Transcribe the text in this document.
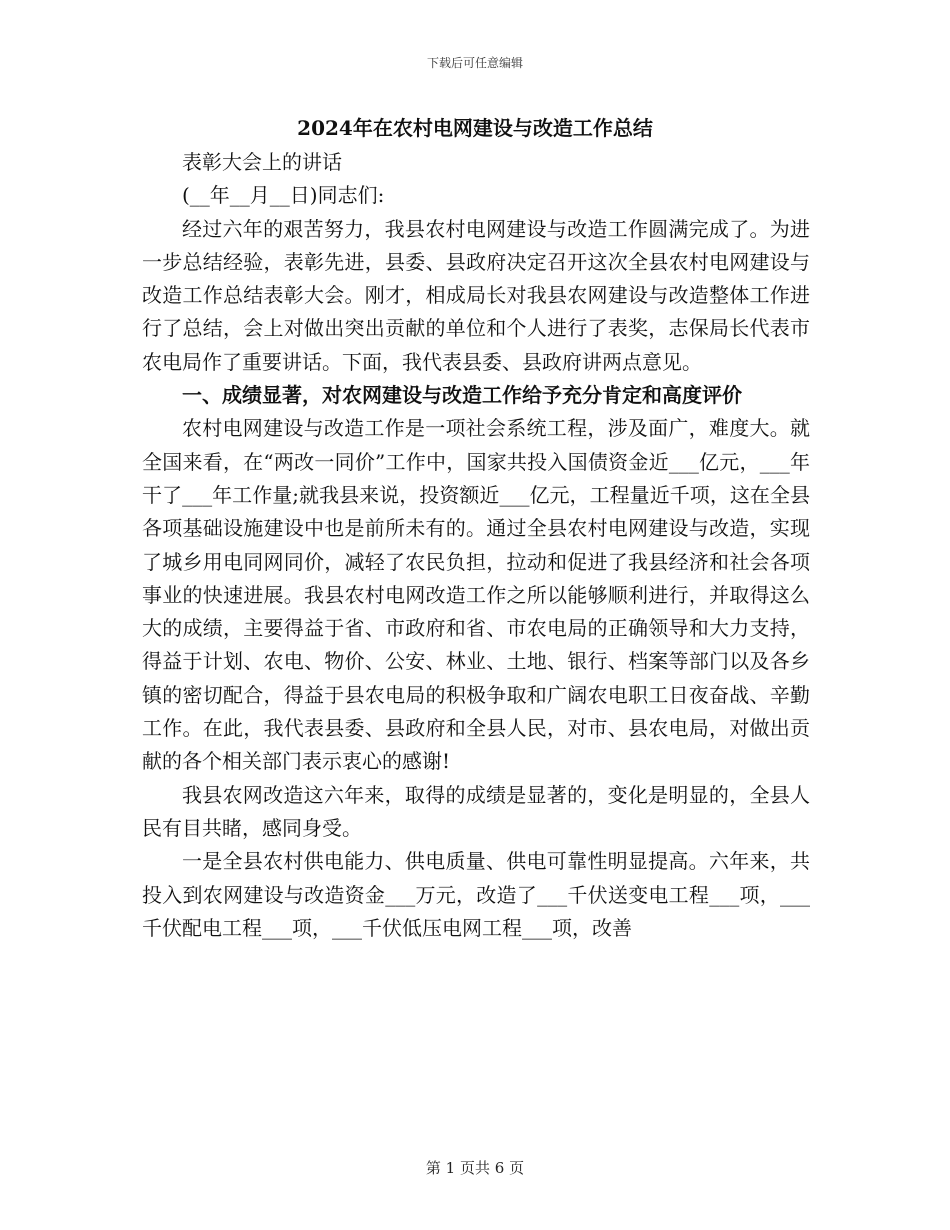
下载后可任意编辑
2024年在农村电网建设与改造工作总结

表彰大会上的讲话

(__年__月__日)同志们:

经过六年的艰苦努力，我县农村电网建设与改造工作圆满完成了。为进一步总结经验，表彰先进，县委、县政府决定召开这次全县农村电网建设与改造工作总结表彰大会。刚才，相成局长对我县农网建设与改造整体工作进行了总结，会上对做出突出贡献的单位和个人进行了表奖，志保局长代表市农电局作了重要讲话。下面，我代表县委、县政府讲两点意见。

一、成绩显著，对农网建设与改造工作给予充分肯定和高度评价

农村电网建设与改造工作是一项社会系统工程，涉及面广，难度大。就全国来看，在“两改一同价”工作中，国家共投入国债资金近___亿元，___年干了___年工作量;就我县来说，投资额近___亿元，工程量近千项，这在全县各项基础设施建设中也是前所未有的。通过全县农村电网建设与改造，实现了城乡用电同网同价，减轻了农民负担，拉动和促进了我县经济和社会各项事业的快速进展。我县农村电网改造工作之所以能够顺利进行，并取得这么大的成绩，主要得益于省、市政府和省、市农电局的正确领导和大力支持，得益于计划、农电、物价、公安、林业、土地、银行、档案等部门以及各乡镇的密切配合，得益于县农电局的积极争取和广阔农电职工日夜奋战、辛勤工作。在此，我代表县委、县政府和全县人民，对市、县农电局，对做出贡献的各个相关部门表示衷心的感谢!

我县农网改造这六年来，取得的成绩是显著的，变化是明显的，全县人民有目共睹，感同身受。

一是全县农村供电能力、供电质量、供电可靠性明显提高。六年来，共投入到农网建设与改造资金___万元，改造了___千伏送变电工程___项，___千伏配电工程___项，___千伏低压电网工程___项，改善

第 1 页共 6 页
